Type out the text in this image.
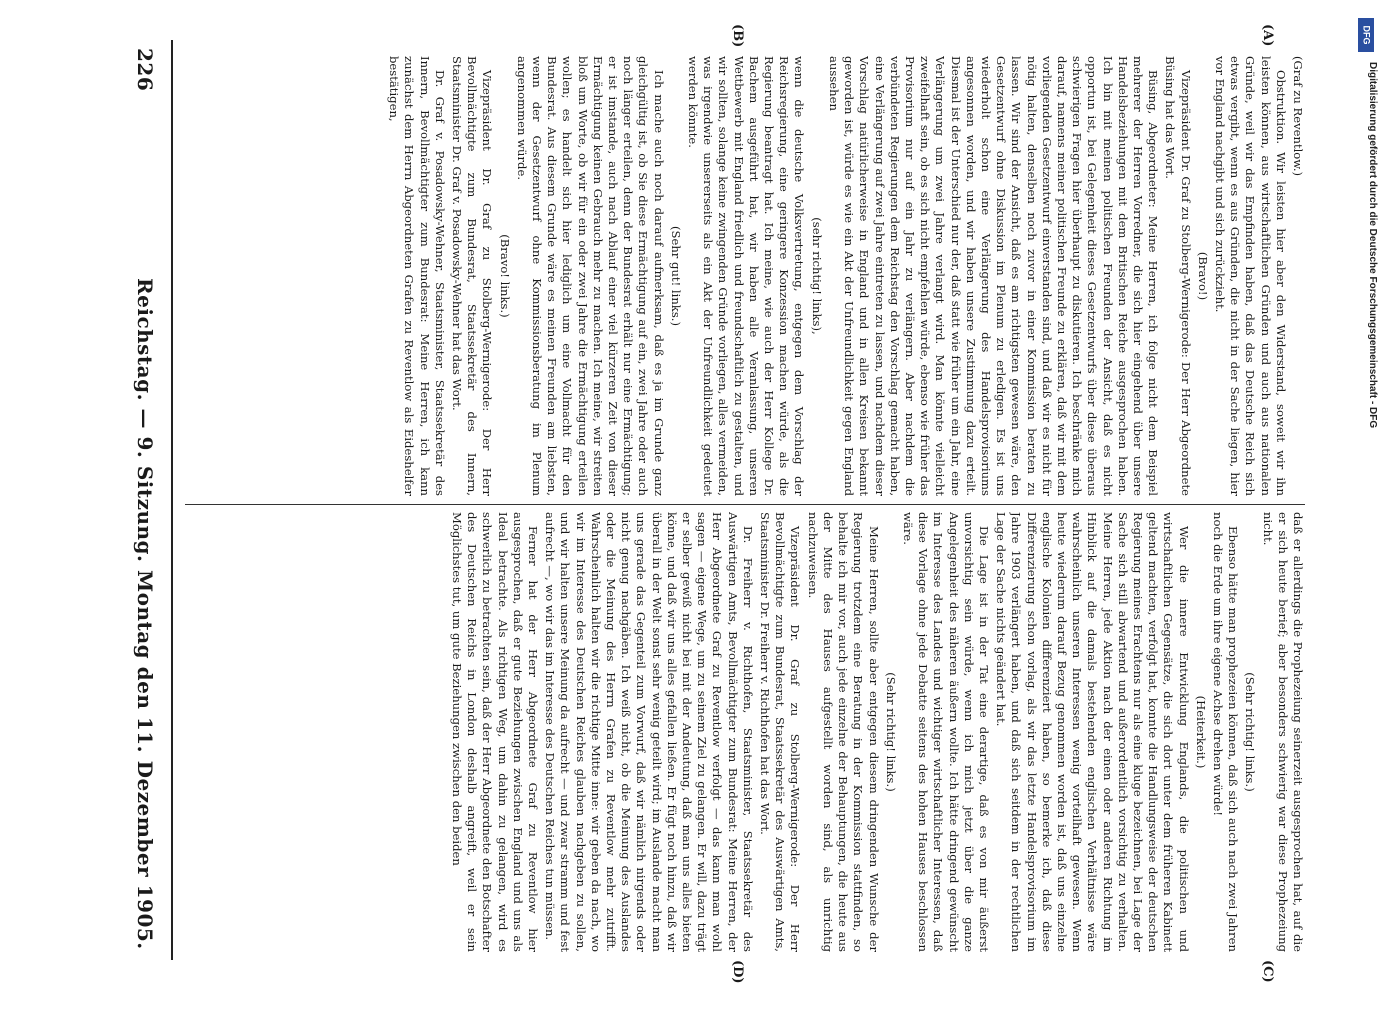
226
Reichstag. — 9. Sitzung. Montag den 11. Dezember 1905.
(A)
(B)
(C)
(D)

(Graf zu Reventlow.)

Obstruktion. Wir leisten hier aber den Widerstand, soweit wir ihn leisten können, aus wirtschaftlichen Gründen und auch aus nationalen Gründe, weil wir das Empfinden haben, daß das Deutsche Reich sich etwas vergibt, wenn es aus Gründen, die nicht in der Sache liegen, hier vor England nachgibt und sich zurückzieht.

(Bravo!)

Vizepräsident Dr. Graf zu Stolberg-Wernigerode: Der Herr Abgeordnete Büsing hat das Wort.

Büsing, Abgeordneter: Meine Herren, ich folge nicht dem Beispiel mehrerer der Herren Vorredner, die sich hier eingehend über unsere Handelsbeziehungen mit dem Britischen Reiche ausgesprochen haben. Ich bin mit meinen politischen Freunden der Ansicht, daß es nicht opportun ist, bei Gelegenheit dieses Gesetzentwurfs über diese überaus schwierigen Fragen hier überhaupt zu diskutieren. Ich beschränke mich darauf, namens meiner politischen Freunde zu erklären, daß wir mit dem vorliegenden Gesetzentwurf einverstanden sind, und daß wir es nicht für nötig halten, denselben noch zuvor in einer Kommission beraten zu lassen. Wir sind der Ansicht, daß es am richtigsten gewesen wäre, den Gesetzentwurf ohne Diskussion im Plenum zu erledigen. Es ist uns wiederholt schon eine Verlängerung des Handelsprovisoriums angesonnen worden, und wir haben unsere Zustimmung dazu erteilt. Diesmal ist der Unterschied nur der, daß statt wie früher um ein Jahr, eine Verlängerung um zwei Jahre verlangt wird. Man könnte vielleicht zweifelhaft sein, ob es sich nicht empfehlen würde, ebenso wie früher das Provisorium nur auf ein Jahr zu verlängern. Aber nachdem die verbündeten Regierungen dem Reichstag den Vorschlag gemacht haben, eine Verlängerung auf zwei Jahre eintreten zu lassen, und nachdem dieser Vorschlag natürlicherweise in England und in allen Kreisen bekannt geworden ist, würde es wie ein Akt der Unfreundlichkeit gegen England aussehen

(sehr richtig! links),

wenn die deutsche Volksvertretung, entgegen dem Vorschlag der Reichsregierung, eine geringere Konzession machen würde, als die Regierung beantragt hat. Ich meine, wie auch der Herr Kollege Dr. Bachem ausgeführt hat, wir haben alle Veranlassung, unseren Wettbewerb mit England friedlich und freundschaftlich zu gestalten, und wir sollten, solange keine zwingenden Gründe vorliegen, alles vermeiden, was irgendwie unsererseits als ein Akt der Unfreundlichkeit gedeutet werden könnte.

(Sehr gut! links.)

Ich mache auch noch darauf aufmerksam, daß es ja im Grunde ganz gleichgültig ist, ob Sie diese Ermächtigung auf ein, zwei Jahre oder auch noch länger erteilen, denn der Bundesrat erhält nur eine Ermächtigung; er ist imstande, auch nach Ablauf einer viel kürzeren Zeit von dieser Ermächtigung keinen Gebrauch mehr zu machen. Ich meine, wir streiten bloß um Worte, ob wir für ein oder zwei Jahre die Ermächtigung erteilen wollen; es handelt sich hier lediglich um eine Vollmacht für den Bundesrat. Aus diesem Grunde wäre es meinen Freunden am liebsten, wenn der Gesetzentwurf ohne Kommissionsberatung im Plenum angenommen würde.

(Bravo! links.)

Vizepräsident Dr. Graf zu Stolberg-Wernigerode: Der Herr Bevollmächtigte zum Bundesrat, Staatssekretär des Innern, Staatsminister Dr. Graf v. Posadowsky-Wehner hat das Wort.

Dr. Graf v. Posadowsky-Wehner, Staatsminister, Staatssekretär des Innern, Bevollmächtigter zum Bundesrat: Meine Herren, ich kann zunächst dem Herrn Abgeordneten Grafen zu Reventlow als Eideshelfer bestätigen,

daß er allerdings die Prophezeiung seinerzeit ausgesprochen hat, auf die er sich heute berief; aber besonders schwierig war diese Prophezeiung nicht.

(Sehr richtig! links.)

Ebenso hätte man prophezeien können, daß sich auch nach zwei Jahren noch die Erde um ihre eigene Achse drehen würde!

(Heiterkeit.)

Wer die innere Entwicklung Englands, die politischen und wirtschaftlichen Gegensätze, die sich dort unter dem früheren Kabinett geltend machten, verfolgt hat, konnte die Handlungsweise der deutschen Regierung meines Erachtens nur als eine kluge bezeichnen, bei Lage der Sache sich still abwartend und außerordentlich vorsichtig zu verhalten. Meine Herren, jede Aktion nach der einen oder anderen Richtung im Hinblick auf die damals bestehenden englischen Verhältnisse wäre wahrscheinlich unseren Interessen wenig vorteilhaft gewesen. Wenn heute wiederum darauf Bezug genommen worden ist, daß uns einzelne englische Kolonien differenziert haben, so bemerke ich, daß diese Differenzierung schon vorlag, als wir das letzte Handelsprovisorium im Jahre 1903 verlängert haben, und daß sich seitdem in der rechtlichen Lage der Sache nichts geändert hat.

Die Lage ist in der Tat eine derartige, daß es von mir äußerst unvorsichtig sein würde, wenn ich mich jetzt über die ganze Angelegenheit des näheren äußern wollte. Ich hätte dringend gewünscht im Interesse des Landes und wichtiger wirtschaftlicher Interessen, daß diese Vorlage ohne jede Debatte seitens des hohen Hauses beschlossen wäre.

(Sehr richtig! links.)

Meine Herren, sollte aber entgegen diesem dringenden Wunsche der Regierung trotzdem eine Beratung in der Kommission stattfinden, so behalte ich mir vor, auch jede einzelne der Behauptungen, die heute aus der Mitte des Hauses aufgestellt worden sind, als unrichtig nachzuweisen.

Vizepräsident Dr. Graf zu Stolberg-Wernigerode: Der Herr Bevollmächtigte zum Bundesrat, Staatssekretär des Auswärtigen Amts, Staatsminister Dr. Freiherr v. Richthofen hat das Wort.

Dr. Freiherr v. Richthofen, Staatsminister, Staatssekretär des Auswärtigen Amts, Bevollmächtigter zum Bundesrat: Meine Herren, der Herr Abgeordnete Graf zu Reventlow verfolgt — das kann man wohl sagen — eigene Wege, um zu seinem Ziel zu gelangen. Er will, dazu trägt er selber gewiß nicht bei mit der Andeutung, daß man uns alles bieten könne, und daß wir uns alles gefallen ließen. Er fügt noch hinzu, daß wir überall in der Welt sonst sehr wenig geteilt wird; im Auslande macht man uns gerade das Gegenteil zum Vorwurf, daß wir nämlich nirgends oder nicht genug nachgäben. Ich weiß nicht, ob die Meinung des Auslandes oder die Meinung des Herrn Grafen zu Reventlow mehr zutrifft. Wahrscheinlich halten wir die richtige Mitte inne: wir geben da nach, wo wir im Interesse des Deutschen Reiches glauben nachgeben zu sollen, und wir halten unsere Meinung da aufrecht — und zwar stramm und fest aufrecht —, wo wir das im Interesse des Deutschen Reiches tun müssen.

Ferner hat der Herr Abgeordnete Graf zu Reventlow hier ausgesprochen, daß er gute Beziehungen zwischen England und uns als Ideal betrachte. Als richtigen Weg, um dahin zu gelangen, wird es schwerlich zu betrachten sein, daß der Herr Abgeordnete den Botschafter des Deutschen Reichs in London deshalb angreift, weil er sein Möglichstes tut, um gute Beziehungen zwischen den beiden

DFG
Digitalisierung gefördert durch die Deutsche Forschungsgemeinschaft - DFG
